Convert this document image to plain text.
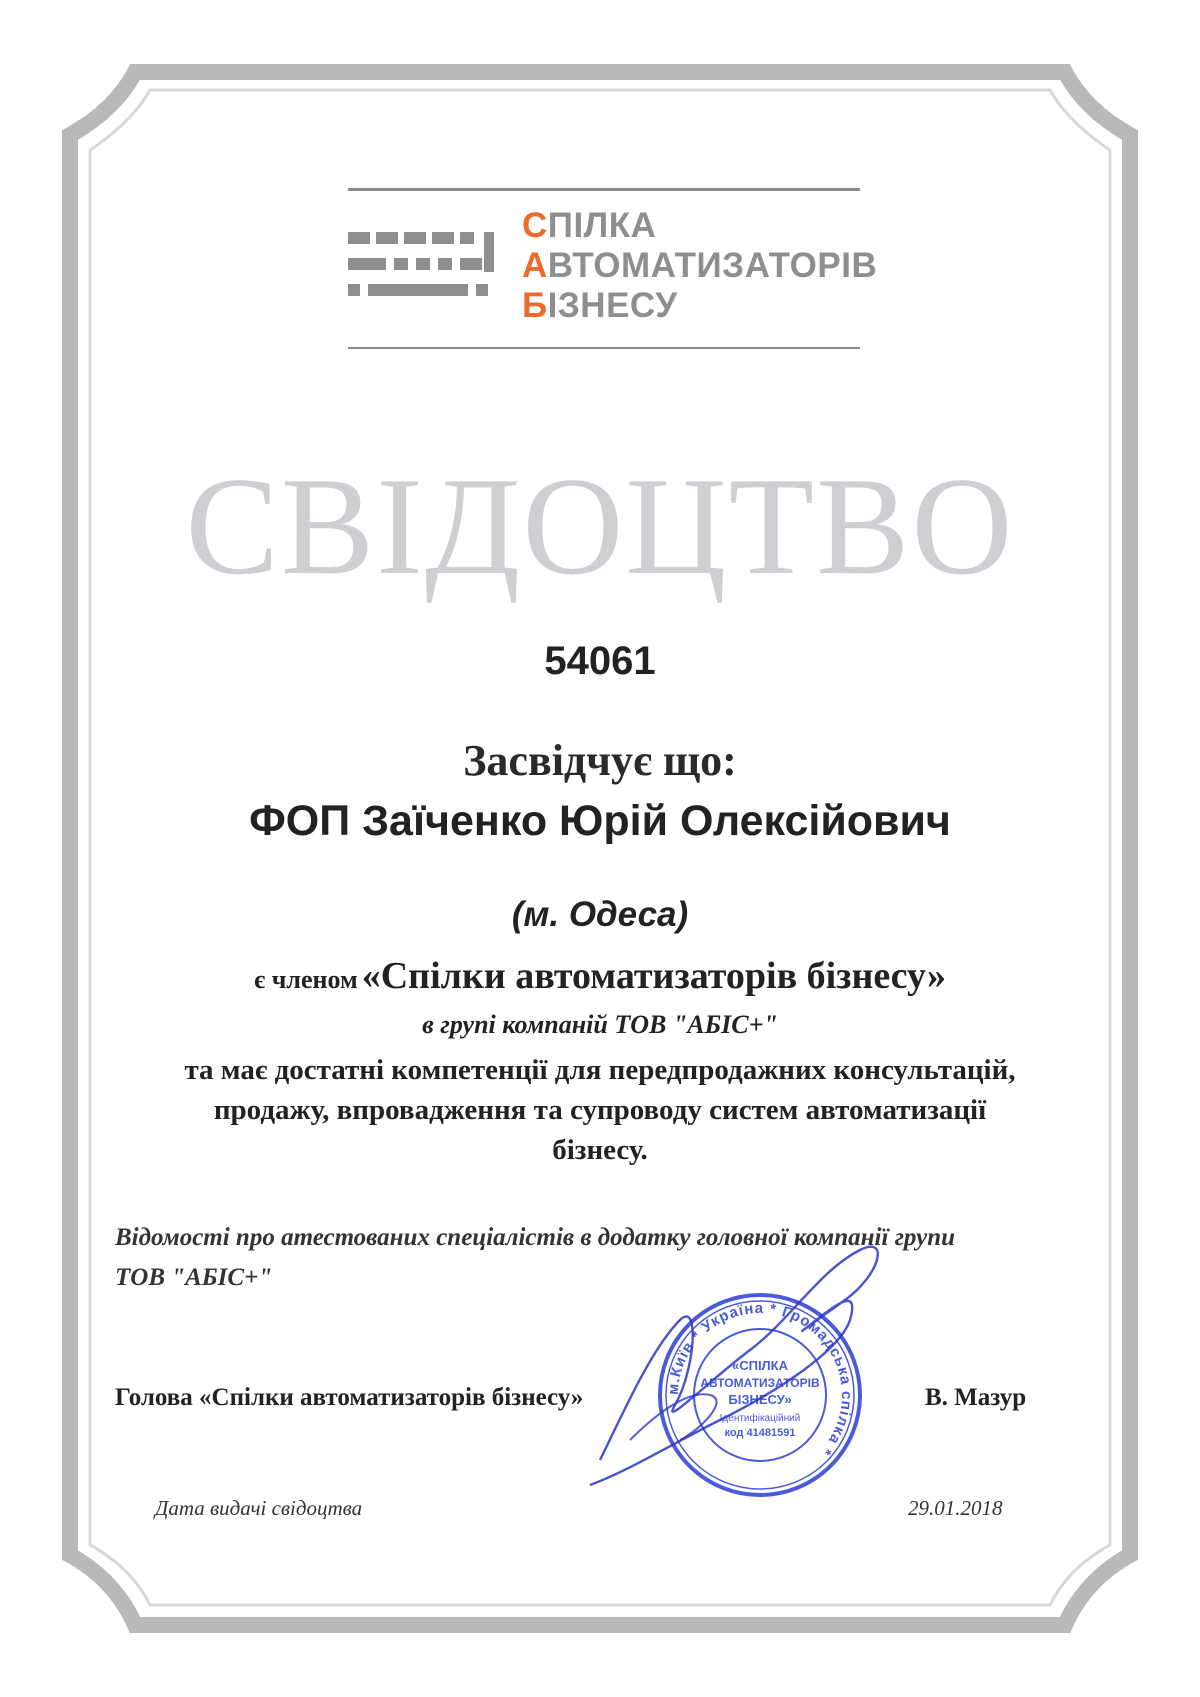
СПІЛКА
АВТОМАТИЗАТОРІВ
БІЗНЕСУ
СВІДОЦТВО
54061
Засвідчує що:
ФОП Заїченко Юрій Олексійович
(м. Одеса)
є членом «Спілки автоматизаторів бізнесу»
в групі компаній ТОВ "АБІС+"
та має достатні компетенції для передпродажних консультацій,
продажу, впровадження та супроводу систем автоматизації
бізнесу.
Відомості про атестованих спеціалістів в додатку головної компанії групи
ТОВ "АБІС+"
Голова «Спілки автоматизаторів бізнесу»	В. Мазур
Дата видачі свідоцтва	29.01.2018
м.Київ * Україна * Громадська спілка *
«СПІЛКА
АВТОМАТИЗАТОРІВ
БІЗНЕСУ»
Ідентифікаційний
код 41481591
